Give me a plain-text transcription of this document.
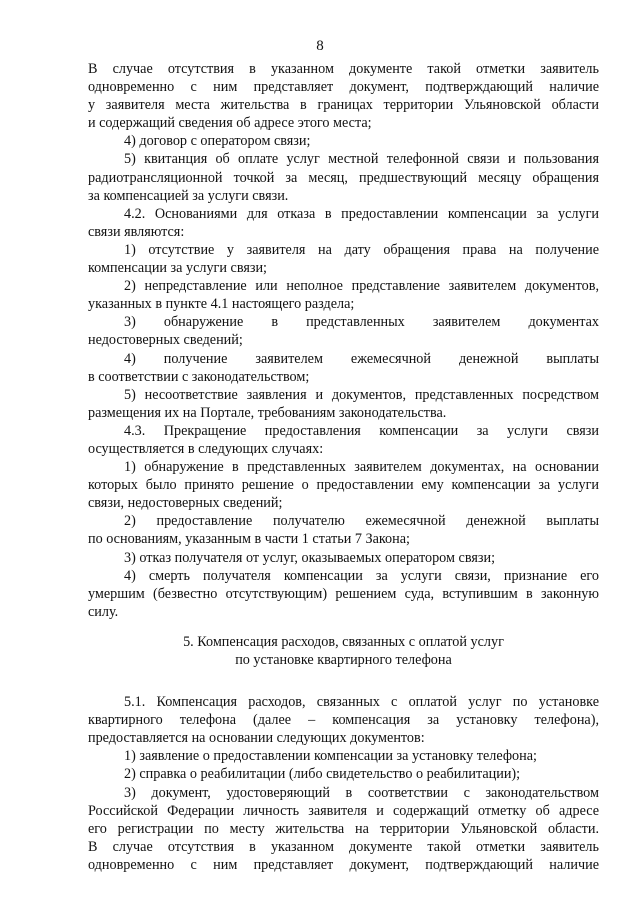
8
В случае отсутствия в указанном документе такой отметки заявитель
одновременно с ним представляет документ, подтверждающий наличие
у заявителя места жительства в границах территории Ульяновской области
и содержащий сведения об адресе этого места;
4) договор с оператором связи;
5) квитанция об оплате услуг местной телефонной связи и пользования
радиотрансляционной точкой за месяц, предшествующий месяцу обращения
за компенсацией за услуги связи.
4.2. Основаниями для отказа в предоставлении компенсации за услуги
связи являются:
1) отсутствие у заявителя на дату обращения права на получение
компенсации за услуги связи;
2) непредставление или неполное представление заявителем документов,
указанных в пункте 4.1 настоящего раздела;
3) обнаружение в представленных заявителем документах
недостоверных сведений;
4) получение заявителем ежемесячной денежной выплаты
в соответствии с законодательством;
5) несоответствие заявления и документов, представленных посредством
размещения их на Портале, требованиям законодательства.
4.3. Прекращение предоставления компенсации за услуги связи
осуществляется в следующих случаях:
1) обнаружение в представленных заявителем документах, на основании
которых было принято решение о предоставлении ему компенсации за услуги
связи, недостоверных сведений;
2) предоставление получателю ежемесячной денежной выплаты
по основаниям, указанным в части 1 статьи 7 Закона;
3) отказ получателя от услуг, оказываемых оператором связи;
4) смерть получателя компенсации за услуги связи, признание его
умершим (безвестно отсутствующим) решением суда, вступившим в законную
силу.
5. Компенсация расходов, связанных с оплатой услуг
по установке квартирного телефона
5.1. Компенсация расходов, связанных с оплатой услуг по установке
квартирного телефона (далее – компенсация за установку телефона),
предоставляется на основании следующих документов:
1) заявление о предоставлении компенсации за установку телефона;
2) справка о реабилитации (либо свидетельство о реабилитации);
3) документ, удостоверяющий в соответствии с законодательством
Российской Федерации личность заявителя и содержащий отметку об адресе
его регистрации по месту жительства на территории Ульяновской области.
В случае отсутствия в указанном документе такой отметки заявитель
одновременно с ним представляет документ, подтверждающий наличие
